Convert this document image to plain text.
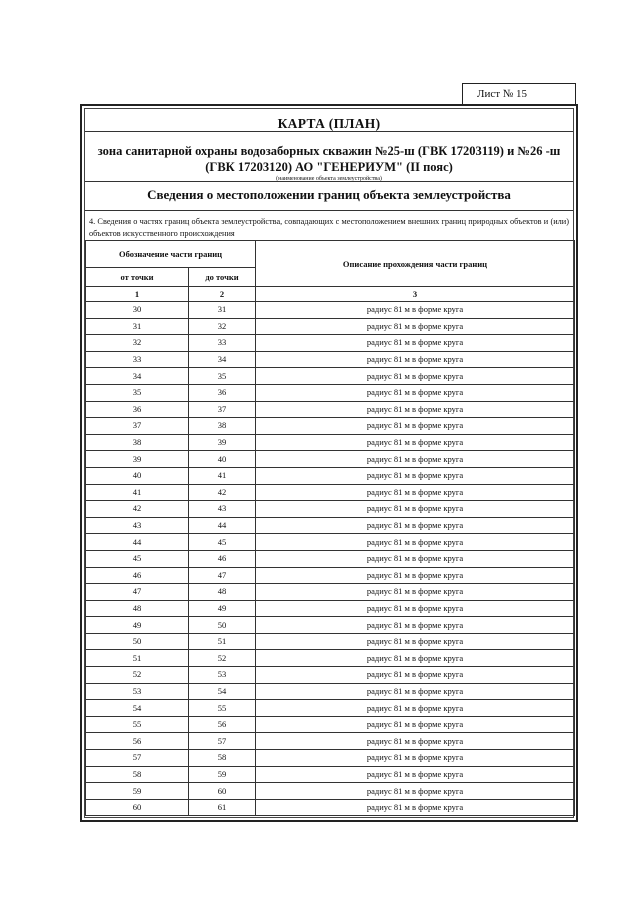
Лист № 15
КАРТА (ПЛАН)
зона санитарной охраны водозаборных скважин №25-ш (ГВК 17203119) и №26 -ш (ГВК 17203120) АО "ГЕНЕРИУМ" (II пояс)
(наименование объекта землеустройства)
Сведения о местоположении границ объекта землеустройства
4. Сведения о частях границ объекта землеустройства, совпадающих с местоположением внешних границ природных объектов и (или) объектов искусственного происхождения
Обозначение части границ		Описание прохождения части границ
от точки	до точки	
1	2	3
30	31	радиус 81 м в форме круга
31	32	радиус 81 м в форме круга
32	33	радиус 81 м в форме круга
33	34	радиус 81 м в форме круга
34	35	радиус 81 м в форме круга
35	36	радиус 81 м в форме круга
36	37	радиус 81 м в форме круга
37	38	радиус 81 м в форме круга
38	39	радиус 81 м в форме круга
39	40	радиус 81 м в форме круга
40	41	радиус 81 м в форме круга
41	42	радиус 81 м в форме круга
42	43	радиус 81 м в форме круга
43	44	радиус 81 м в форме круга
44	45	радиус 81 м в форме круга
45	46	радиус 81 м в форме круга
46	47	радиус 81 м в форме круга
47	48	радиус 81 м в форме круга
48	49	радиус 81 м в форме круга
49	50	радиус 81 м в форме круга
50	51	радиус 81 м в форме круга
51	52	радиус 81 м в форме круга
52	53	радиус 81 м в форме круга
53	54	радиус 81 м в форме круга
54	55	радиус 81 м в форме круга
55	56	радиус 81 м в форме круга
56	57	радиус 81 м в форме круга
57	58	радиус 81 м в форме круга
58	59	радиус 81 м в форме круга
59	60	радиус 81 м в форме круга
60	61	радиус 81 м в форме круга
